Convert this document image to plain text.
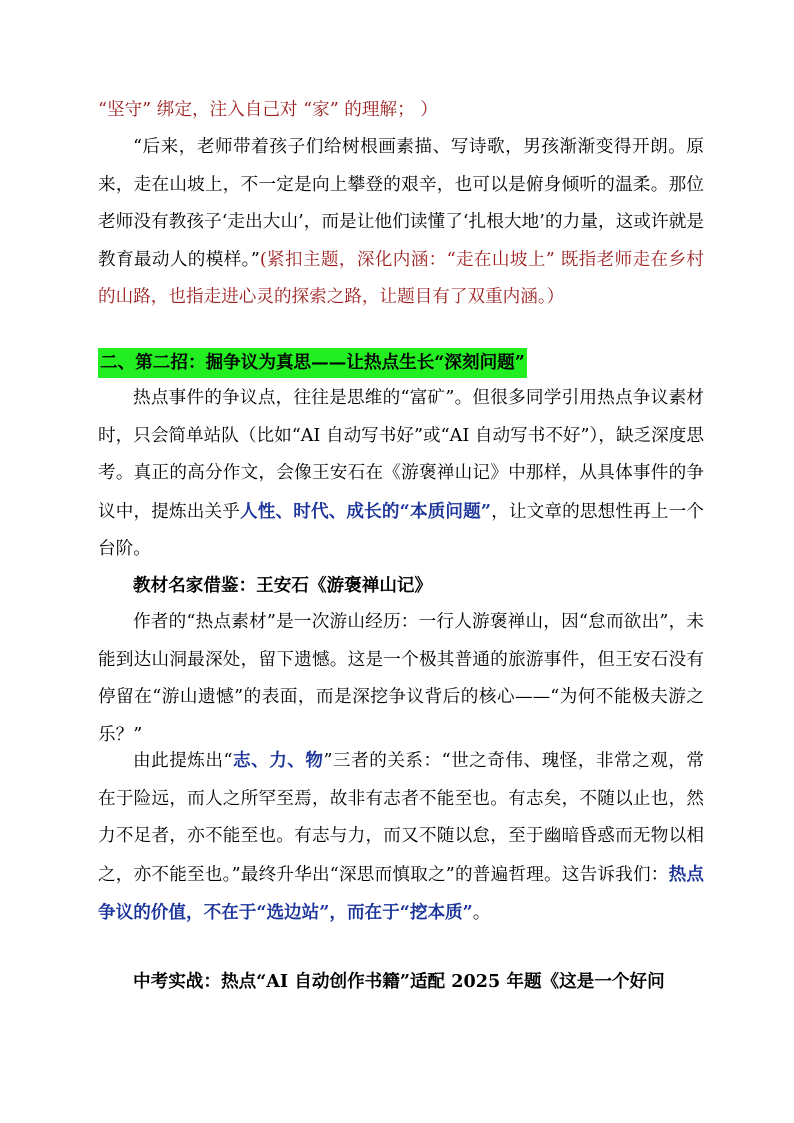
“坚守” 绑定，注入自己对 “家” 的理解； ）

“后来，老师带着孩子们给树根画素描、写诗歌，男孩渐渐变得开朗。原来，走在山坡上，不一定是向上攀登的艰辛，也可以是俯身倾听的温柔。那位老师没有教孩子‘走出大山’，而是让他们读懂了‘扎根大地’的力量，这或许就是教育最动人的模样。”(紧扣主题，深化内涵：“走在山坡上” 既指老师走在乡村的山路，也指走进心灵的探索之路，让题目有了双重内涵。）

二、第二招：掘争议为真思——让热点生长“深刻问题”

热点事件的争议点，往往是思维的“富矿”。但很多同学引用热点争议素材时，只会简单站队（比如“AI 自动写书好”或“AI 自动写书不好”），缺乏深度思考。真正的高分作文，会像王安石在《游褒禅山记》中那样，从具体事件的争议中，提炼出关乎人性、时代、成长的“本质问题”，让文章的思想性再上一个台阶。

教材名家借鉴：王安石《游褒禅山记》

作者的“热点素材”是一次游山经历：一行人游褒禅山，因“怠而欲出”，未能到达山洞最深处，留下遗憾。这是一个极其普通的旅游事件，但王安石没有停留在“游山遗憾”的表面，而是深挖争议背后的核心——“为何不能极夫游之乐？”

由此提炼出“志、力、物”三者的关系：“世之奇伟、瑰怪，非常之观，常在于险远，而人之所罕至焉，故非有志者不能至也。有志矣，不随以止也，然力不足者，亦不能至也。有志与力，而又不随以怠，至于幽暗昏惑而无物以相之，亦不能至也。”最终升华出“深思而慎取之”的普遍哲理。这告诉我们：热点争议的价值，不在于“选边站”，而在于“挖本质”。

中考实战：热点“AI 自动创作书籍”适配 2025 年题《这是一个好问
